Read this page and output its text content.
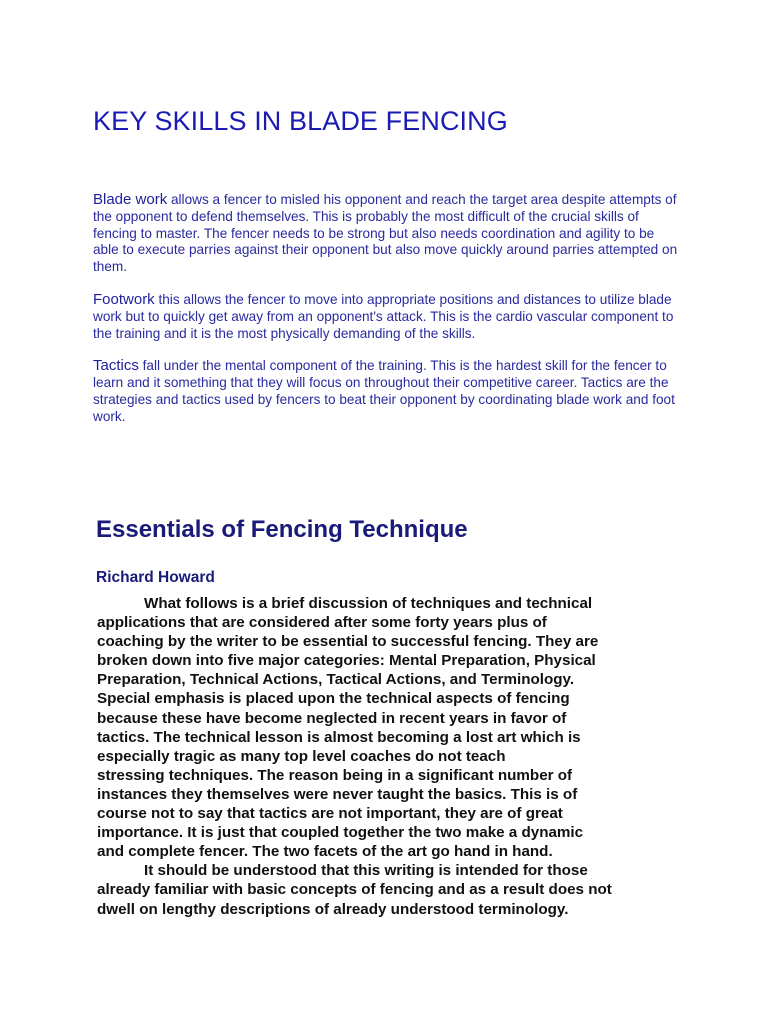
KEY SKILLS IN BLADE FENCING

Blade work allows a fencer to misled his opponent and reach the target area despite attempts of the opponent to defend themselves. This is probably the most difficult of the crucial skills of fencing to master. The fencer needs to be strong but also needs coordination and agility to be able to execute parries against their opponent but also move quickly around parries attempted on them.

Footwork this allows the fencer to move into appropriate positions and distances to utilize blade work but to quickly get away from an opponent's attack. This is the cardio vascular component to the training and it is the most physically demanding of the skills.

Tactics fall under the mental component of the training. This is the hardest skill for the fencer to learn and it something that they will focus on throughout their competitive career. Tactics are the strategies and tactics used by fencers to beat their opponent by coordinating blade work and foot work.

Essentials of Fencing Technique
Richard Howard
What follows is a brief discussion of techniques and technical
applications that are considered after some forty years plus of
coaching by the writer to be essential to successful fencing. They are
broken down into five major categories: Mental Preparation, Physical
Preparation, Technical Actions, Tactical Actions, and Terminology.
Special emphasis is placed upon the technical aspects of fencing
because these have become neglected in recent years in favor of
tactics. The technical lesson is almost becoming a lost art which is
especially tragic as many top level coaches do not teach
stressing techniques. The reason being in a significant number of
instances they themselves were never taught the basics. This is of
course not to say that tactics are not important, they are of great
importance. It is just that coupled together the two make a dynamic
and complete fencer. The two facets of the art go hand in hand.
It should be understood that this writing is intended for those
already familiar with basic concepts of fencing and as a result does not
dwell on lengthy descriptions of already understood terminology.
